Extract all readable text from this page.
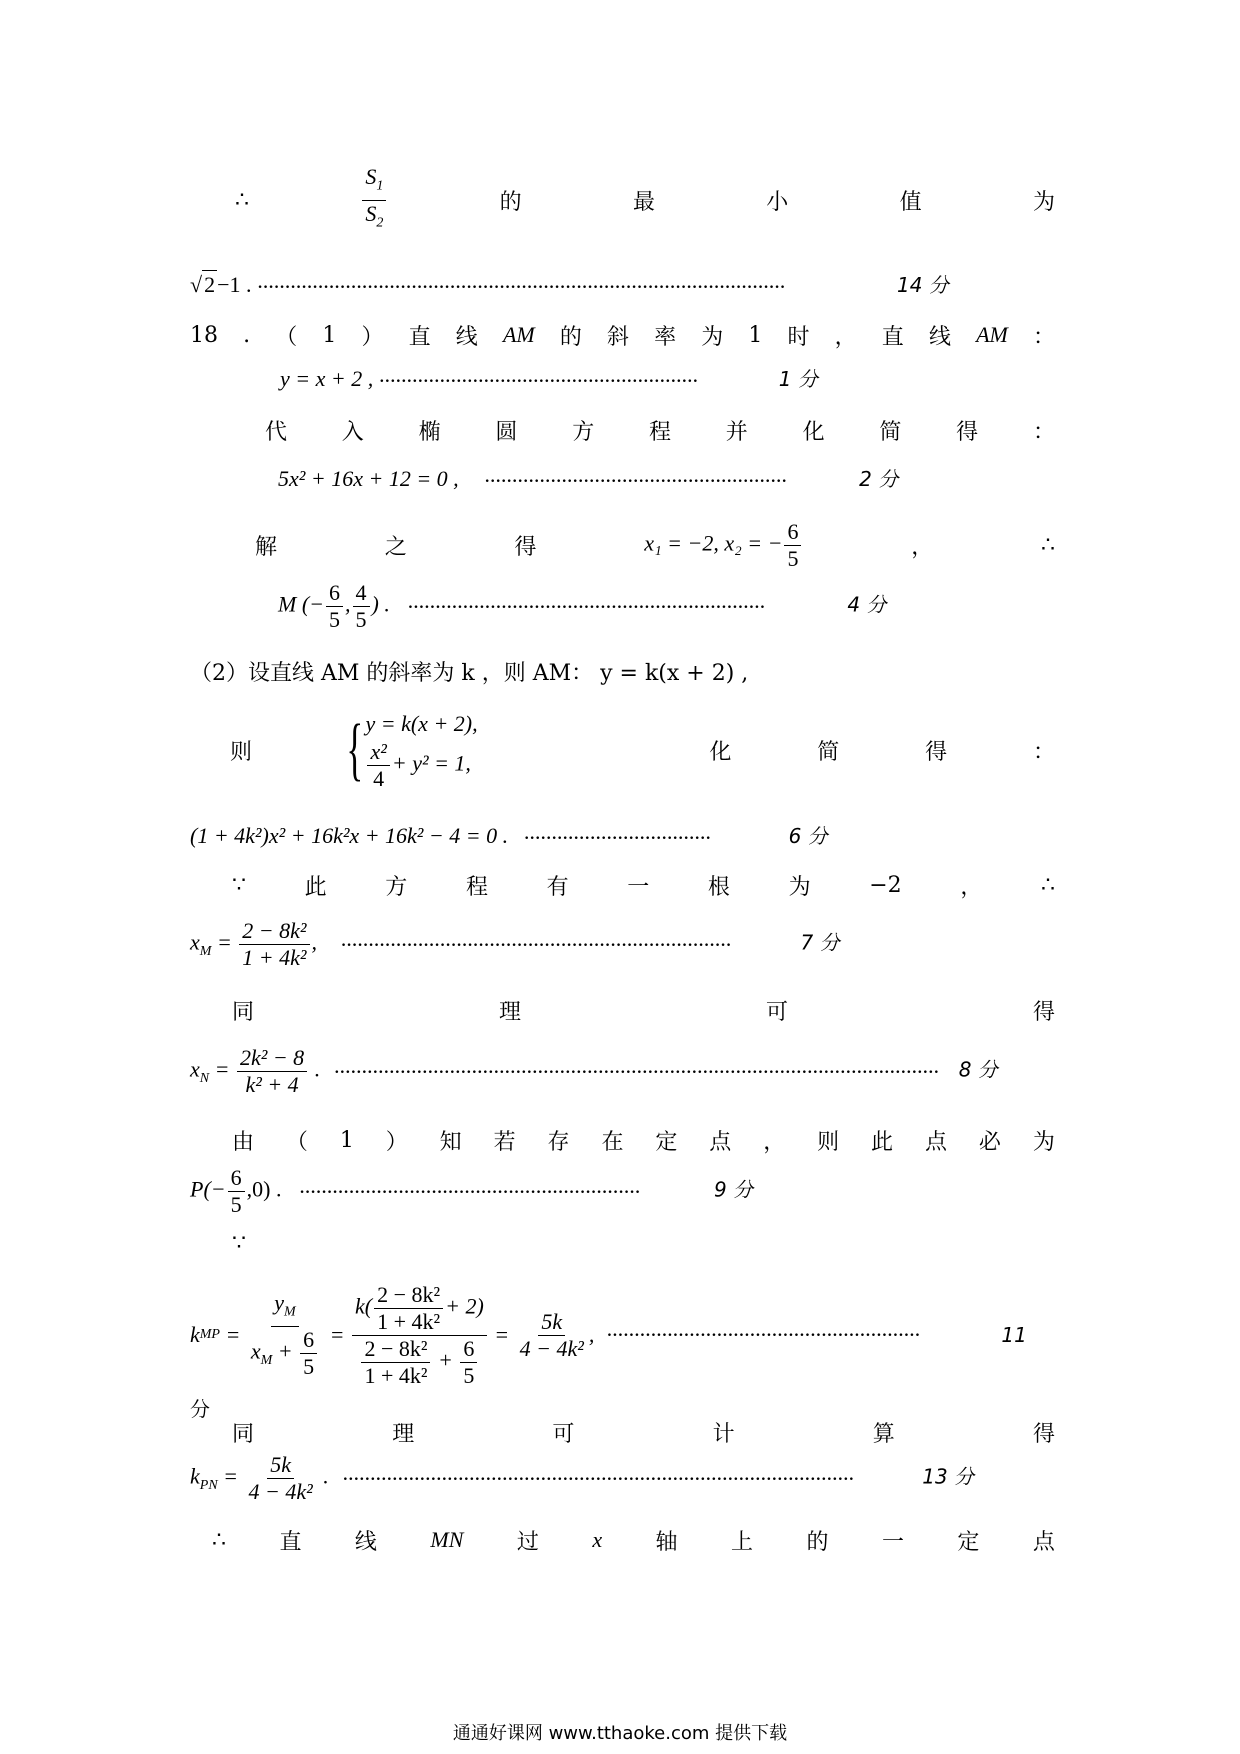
∴	$\frac{S_1}{S_2}$	的	最	小	值	为
√ 2 −1 . ································································································	14 分
18 . （ 1 ） 直 线 AM 的 斜 率 为 1 时 ， 直 线 AM ：
y = x + 2 , ··························································	1 分
代 入 椭 圆 方 程 并 化 简 得 ：
5x² + 16x + 12 = 0 , ·······················································	2 分
解	之	得	x₁ = −2, x₂ = − $\frac{6}{5}$	，	∴
M (− $\frac{6}{5}$ , $\frac{4}{5}$ ) . ·································································	4 分
（2）设直线 AM 的斜率为 k ，则 AM： y = k(x + 2) ,
则 { y = k(x + 2),
$\frac{\text{x²}}{4} + y^2 = 1$,	化	简	得	：
(1 + 4k²)x² + 16k²x + 16k² − 4 = 0 . ··································	6 分
∵	此	方	程	有	一	根	为	−2	，	∴
$x_M = \frac{\text{2 − 8k²}}{\text{1 + 4k²}}$ , ·······································································	7 分
同	理	可	得
$x_N = \frac{\text{2k² − 8}}{\text{k² + 4}}$ . ·············································································································· 8 分
由 （ 1 ） 知 若 存 在 定 点 ， 则 此 点 必 为
$P(- \frac{6}{5} ,0)$ . ······························································	9 分
∵
k MP = $\frac{y_M}{x_M + \frac{6}{5}} = \frac{k( \frac{\text{2 − 8k²}}{\text{1 + 4k²}} + 2)}{\frac{\text{2 − 8k²}}{\text{1 + 4k²}} + \frac{6}{5}} = \frac{5k}{\text{4 − 4k²}}$ , ·························································	11
分
同	理	可	计	算	得
$k_{PN} = \frac{5k}{\text{4 − 4k²}}$ . ·····························································································	13 分
∴ 直 线 MN 过 x 轴 上 的 一 定 点
通通好课网 www.tthaoke.com 提供下载
